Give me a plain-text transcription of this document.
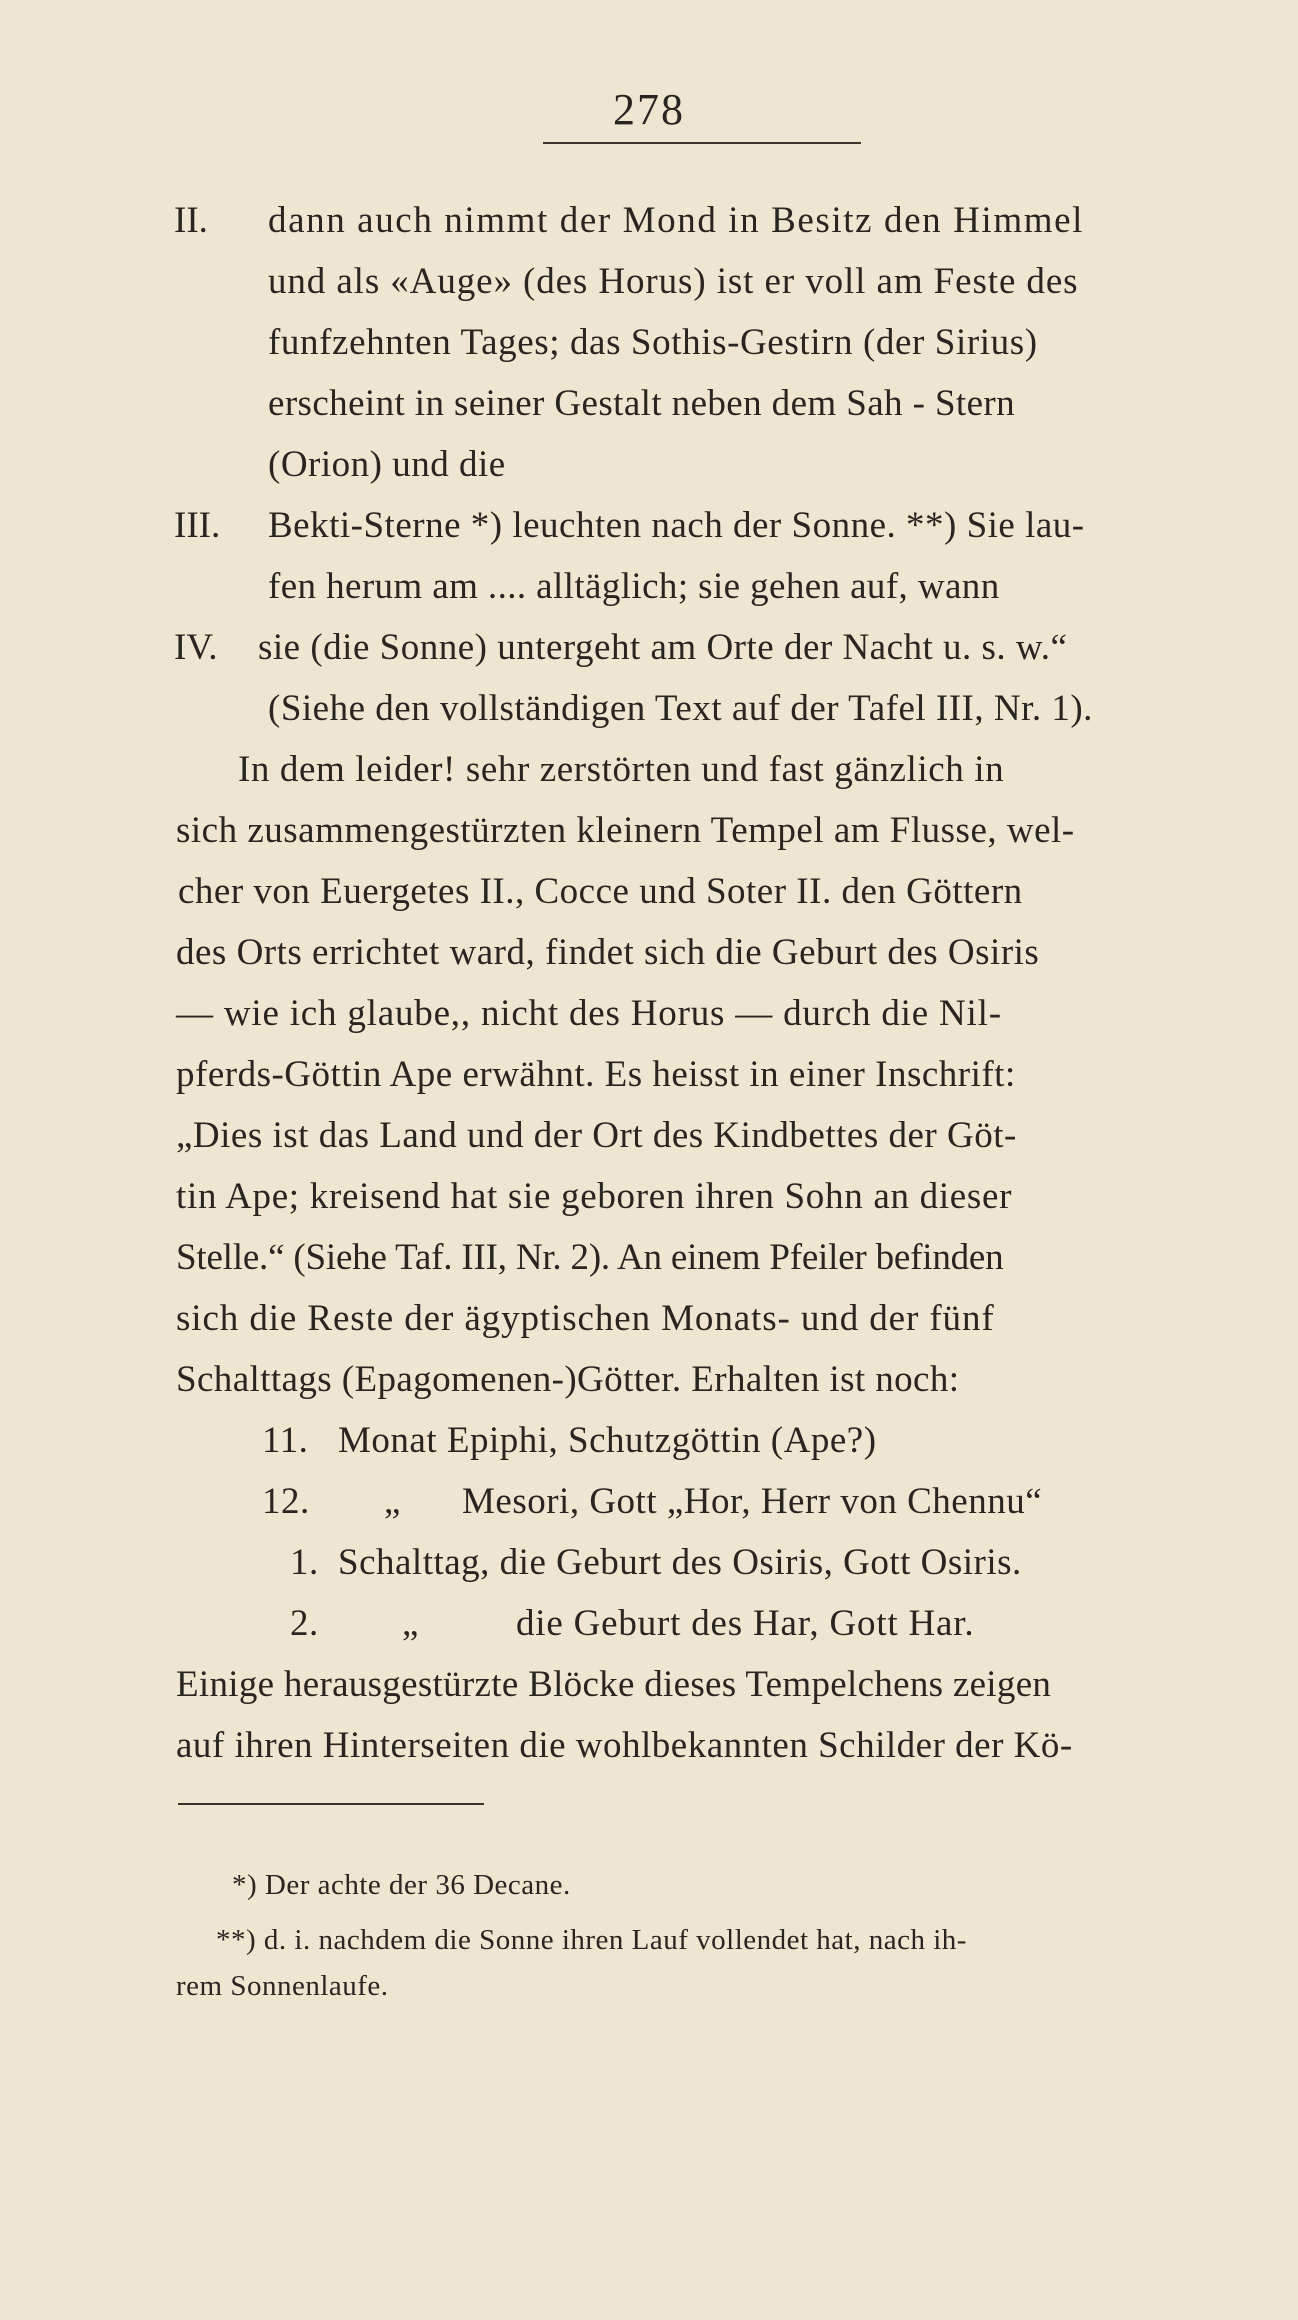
278
II. dann auch nimmt der Mond in Besitz den Himmel
und als «Auge» (des Horus) ist er voll am Feste des
funfzehnten Tages; das Sothis-Gestirn (der Sirius)
erscheint in seiner Gestalt neben dem Sah - Stern
(Orion) und die
III. Bekti-Sterne *) leuchten nach der Sonne. **) Sie lau-
fen herum am .... alltäglich; sie gehen auf, wann
IV. sie (die Sonne) untergeht am Orte der Nacht u. s. w.“
(Siehe den vollständigen Text auf der Tafel III, Nr. 1).
In dem leider! sehr zerstörten und fast gänzlich in
sich zusammengestürzten kleinern Tempel am Flusse, wel-
cher von Euergetes II., Cocce und Soter II. den Göttern
des Orts errichtet ward, findet sich die Geburt des Osiris
— wie ich glaube,, nicht des Horus — durch die Nil-
pferds-Göttin Ape erwähnt. Es heisst in einer Inschrift:
„Dies ist das Land und der Ort des Kindbettes der Göt-
tin Ape; kreisend hat sie geboren ihren Sohn an dieser
Stelle.“ (Siehe Taf. III, Nr. 2). An einem Pfeiler befinden
sich die Reste der ägyptischen Monats- und der fünf
Schalttags (Epagomenen-)Götter. Erhalten ist noch:
11. Monat Epiphi, Schutzgöttin (Ape?)
12. „ Mesori, Gott „Hor, Herr von Chennu“
1. Schalttag, die Geburt des Osiris, Gott Osiris.
2. „	die Geburt des Har, Gott Har.
Einige herausgestürzte Blöcke dieses Tempelchens zeigen
auf ihren Hinterseiten die wohlbekannten Schilder der Kö-
*) Der achte der 36 Decane.
**) d. i. nachdem die Sonne ihren Lauf vollendet hat, nach ih-
rem Sonnenlaufe.
